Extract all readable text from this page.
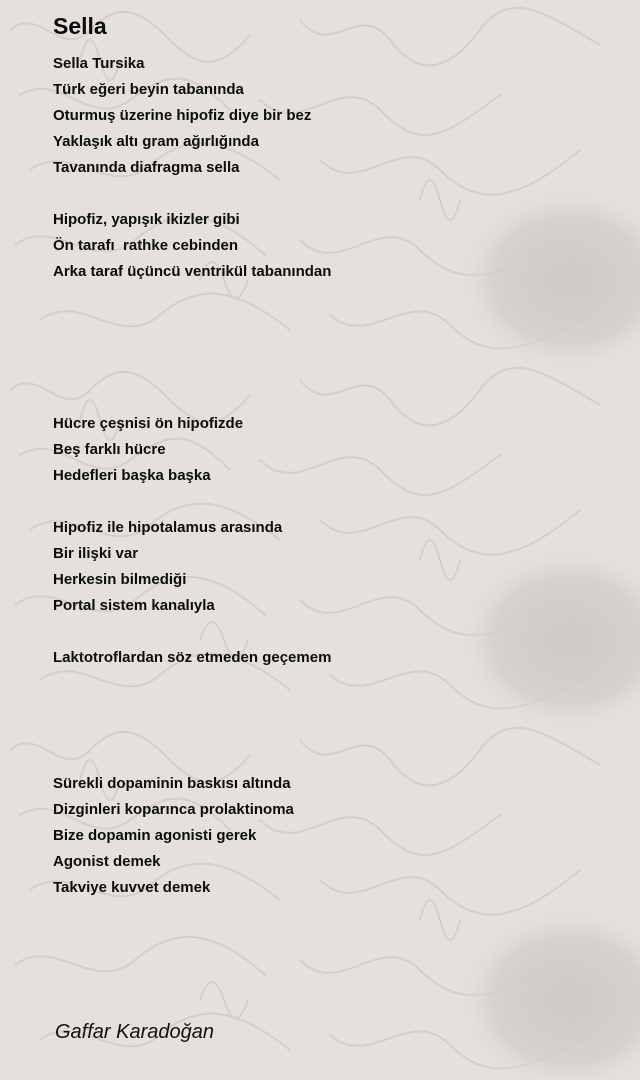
Sella
Sella Tursika
Türk eğeri beyin tabanında
Oturmuş üzerine hipofiz diye bir bez
Yaklaşık altı gram ağırlığında
Tavanında diafragma sella
Hipofiz, yapışık ikizler gibi
Ön tarafı  rathke cebinden
Arka taraf üçüncü ventrikül tabanından
Hücre çeşnisi ön hipofizde
Beş farklı hücre
Hedefleri başka başka
Hipofiz ile hipotalamus arasında
Bir ilişki var
Herkesin bilmediği
Portal sistem kanalıyla
Laktotroflardan söz etmeden geçemem
Sürekli dopaminin baskısı altında
Dizginleri koparınca prolaktinoma
Bize dopamin agonisti gerek
Agonist demek
Takviye kuvvet demek
Gaffar Karadoğan
